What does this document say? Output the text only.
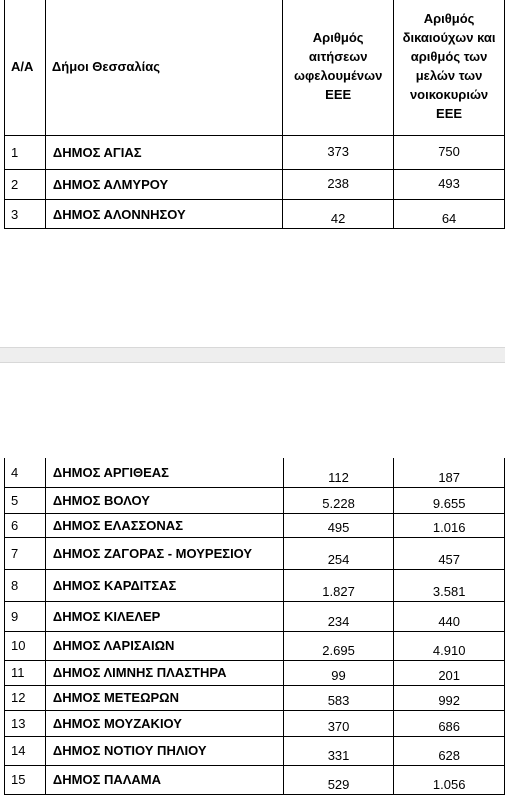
Α/Α	Δήμοι Θεσσαλίας	Αριθμός αιτήσεων ωφελουμένων ΕΕΕ	Αριθμός δικαιούχων και αριθμός των μελών των νοικοκυριών ΕΕΕ
1	ΔΗΜΟΣ ΑΓΙΑΣ	373	750
2	ΔΗΜΟΣ ΑΛΜΥΡΟΥ	238	493
3	ΔΗΜΟΣ ΑΛΟΝΝΗΣΟΥ	42	64
4	ΔΗΜΟΣ ΑΡΓΙΘΕΑΣ	112	187
5	ΔΗΜΟΣ ΒΟΛΟΥ	5.228	9.655
6	ΔΗΜΟΣ ΕΛΑΣΣΟΝΑΣ	495	1.016
7	ΔΗΜΟΣ ΖΑΓΟΡΑΣ - ΜΟΥΡΕΣΙΟΥ	254	457
8	ΔΗΜΟΣ ΚΑΡΔΙΤΣΑΣ	1.827	3.581
9	ΔΗΜΟΣ ΚΙΛΕΛΕΡ	234	440
10	ΔΗΜΟΣ ΛΑΡΙΣΑΙΩΝ	2.695	4.910
11	ΔΗΜΟΣ ΛΙΜΝΗΣ ΠΛΑΣΤΗΡΑ	99	201
12	ΔΗΜΟΣ ΜΕΤΕΩΡΩΝ	583	992
13	ΔΗΜΟΣ ΜΟΥΖΑΚΙΟΥ	370	686
14	ΔΗΜΟΣ ΝΟΤΙΟΥ ΠΗΛΙΟΥ	331	628
15	ΔΗΜΟΣ ΠΑΛΑΜΑ	529	1.056
